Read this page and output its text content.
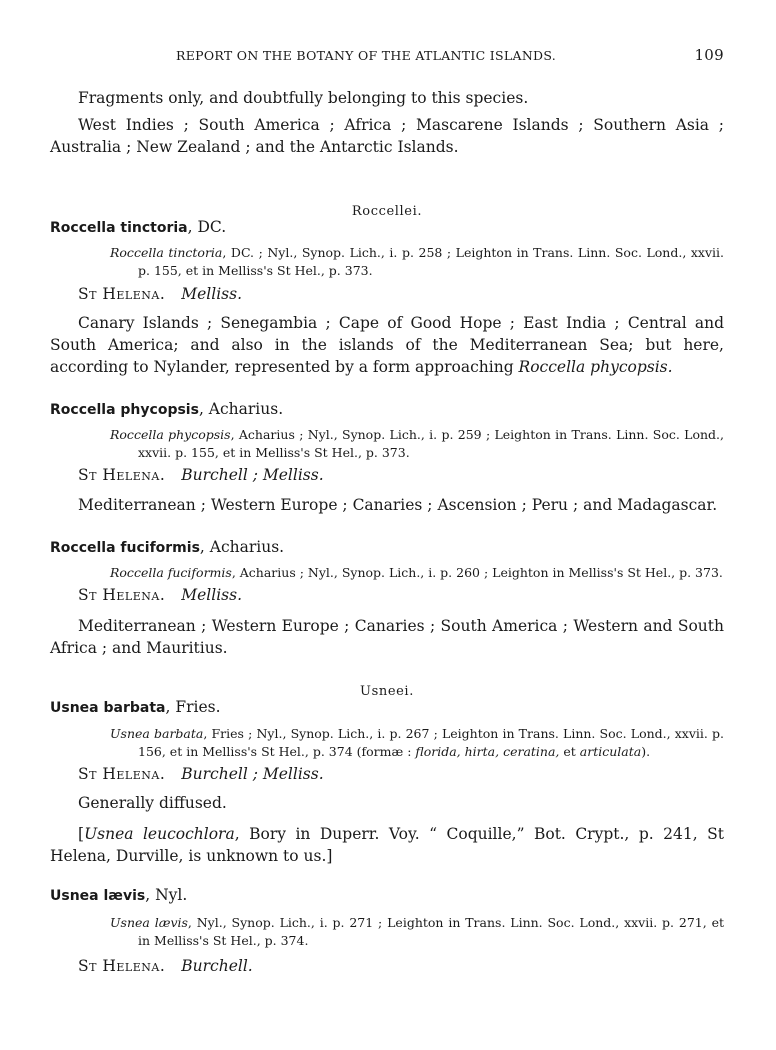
REPORT ON THE BOTANY OF THE ATLANTIC ISLANDS.	109
Fragments only, and doubtfully belonging to this species.
West Indies ; South America ; Africa ; Mascarene Islands ; Southern Asia ; Australia ; New Zealand ; and the Antarctic Islands.
Roccellei.
Roccella tinctoria, DC.
Roccella tinctoria, DC. ; Nyl., Synop. Lich., i. p. 258 ; Leighton in Trans. Linn. Soc. Lond., xxvii. p. 155, et in Melliss's St Hel., p. 373.
St Helena. Melliss.
Canary Islands ; Senegambia ; Cape of Good Hope ; East India ; Central and South America; and also in the islands of the Mediterranean Sea; but here, according to Nylander, represented by a form approaching Roccella phycopsis.
Roccella phycopsis, Acharius.
Roccella phycopsis, Acharius ; Nyl., Synop. Lich., i. p. 259 ; Leighton in Trans. Linn. Soc. Lond., xxvii. p. 155, et in Melliss's St Hel., p. 373.
St Helena. Burchell ; Melliss.
Mediterranean ; Western Europe ; Canaries ; Ascension ; Peru ; and Madagascar.
Roccella fuciformis, Acharius.
Roccella fuciformis, Acharius ; Nyl., Synop. Lich., i. p. 260 ; Leighton in Melliss's St Hel., p. 373.
St Helena. Melliss.
Mediterranean ; Western Europe ; Canaries ; South America ; Western and South Africa ; and Mauritius.
Usneei.
Usnea barbata, Fries.
Usnea barbata, Fries ; Nyl., Synop. Lich., i. p. 267 ; Leighton in Trans. Linn. Soc. Lond., xxvii. p. 156, et in Melliss's St Hel., p. 374 (formæ : florida, hirta, ceratina, et articulata).
St Helena. Burchell ; Melliss.
Generally diffused.
[Usnea leucochlora, Bory in Duperr. Voy. “ Coquille,” Bot. Crypt., p. 241, St Helena, Durville, is unknown to us.]
Usnea lævis, Nyl.
Usnea lævis, Nyl., Synop. Lich., i. p. 271 ; Leighton in Trans. Linn. Soc. Lond., xxvii. p. 271, et in Melliss's St Hel., p. 374.
St Helena. Burchell.
